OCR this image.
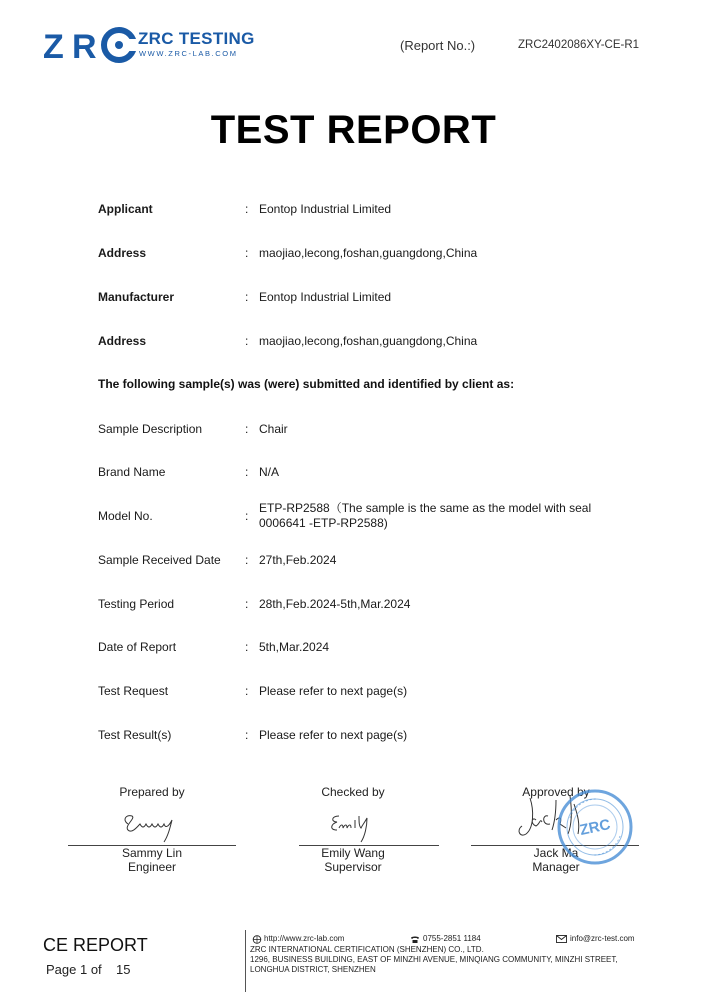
Z R ZRC TESTING
WWW.ZRC-LAB.COM
(Report No.:)	ZRC2402086XY-CE-R1
TEST REPORT
Applicant	: Eontop Industrial Limited
Address	: maojiao,lecong,foshan,guangdong,China
Manufacturer	: Eontop Industrial Limited
Address	: maojiao,lecong,foshan,guangdong,China
The following sample(s) was (were) submitted and identified by client as:
Sample Description	: Chair
Brand Name	: N/A
Model No.	:
ETP-RP2588（The sample is the same as the model with seal 0006641 -ETP-RP2588)
Sample Received Date : 27th,Feb.2024
Testing Period	: 28th,Feb.2024-5th,Mar.2024
Date of Report	: 5th,Mar.2024
Test Request	: Please refer to next page(s)
Test Result(s)	: Please refer to next page(s)
Prepared by
Sammy Lin
Engineer
Checked by
Emily Wang
Supervisor
Approved by
Jack Ma
Manager
ZRC
CE REPORT
Page 1 of 15
http://www.zrc-lab.com	0755-2851 1184	info@zrc-test.com
ZRC INTERNATIONAL CERTIFICATION (SHENZHEN) CO., LTD.
1296, BUSINESS BUILDING, EAST OF MINZHI AVENUE, MINQIANG COMMUNITY, MINZHI STREET,
LONGHUA DISTRICT, SHENZHEN
